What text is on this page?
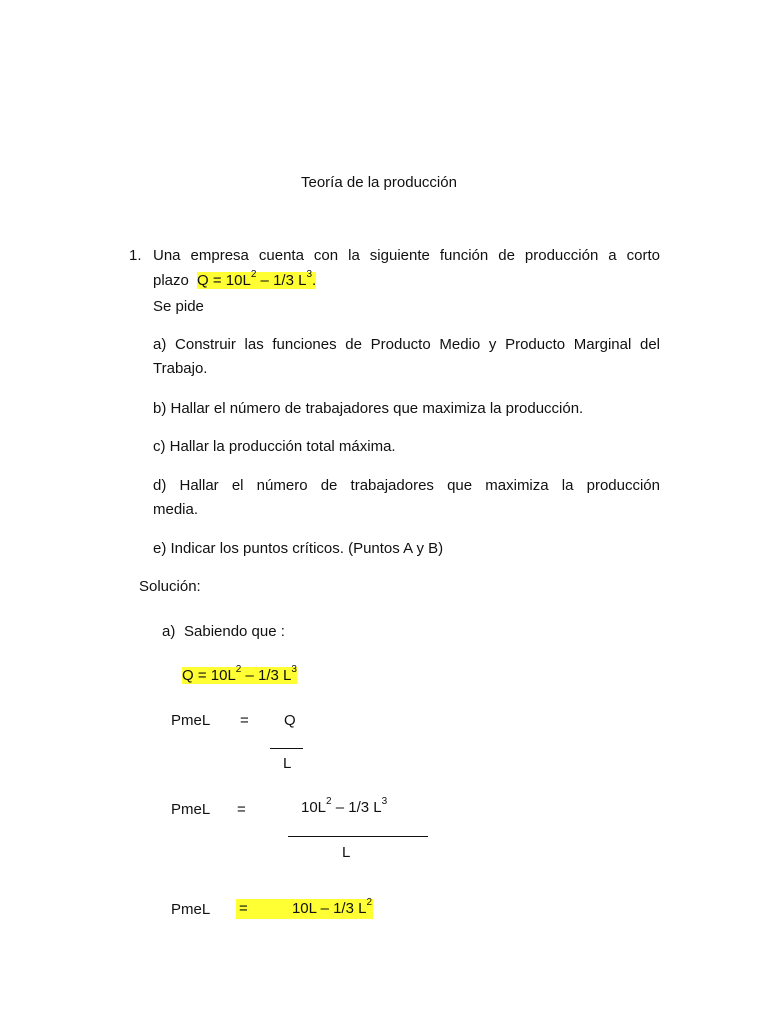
Teoría de la producción
1. Una empresa cuenta con la siguiente función de producción a corto
plazo $Q = 10L^2 - 1/3$ $L^3$.
Se pide
a) Construir las funciones de Producto Medio y Producto Marginal del
Trabajo.
b) Hallar el número de trabajadores que maximiza la producción.
c) Hallar la producción total máxima.
d) Hallar el número de trabajadores que maximiza la producción
media.
e) Indicar los puntos críticos. (Puntos A y B)
Solución:
a) Sabiendo que :
$Q = 10L^2 - 1/3$ $L^3$
PmeL = Q
L
PmeL =	$10L^2 - 1/3$ $L^3$
L
PmeL =	10L – 1/3 $L^2$
